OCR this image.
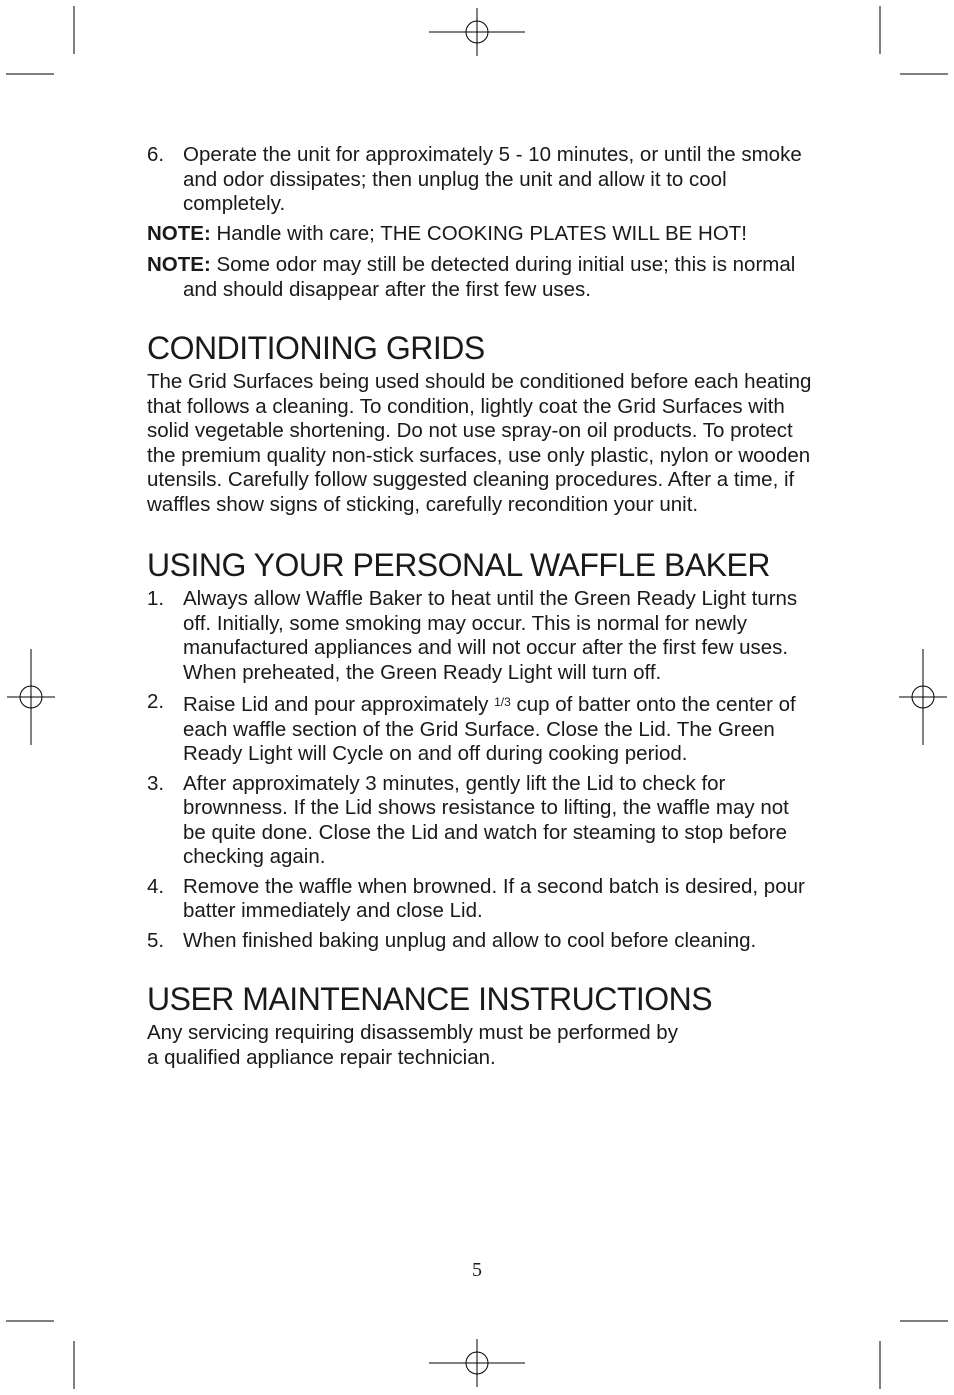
6. Operate the unit for approximately 5 - 10 minutes, or until the smoke and odor dissipates; then unplug the unit and allow it to cool completely.
NOTE: Handle with care; THE COOKING PLATES WILL BE HOT!
NOTE: Some odor may still be detected during initial use; this is normal and should disappear after the first few uses.
CONDITIONING GRIDS

The Grid Surfaces being used should be conditioned before each heating that follows a cleaning. To condition, lightly coat the Grid Surfaces with solid vegetable shortening. Do not use spray-on oil products. To protect the premium quality non-stick surfaces, use only plastic, nylon or wooden utensils. Carefully follow suggested cleaning procedures. After a time, if waffles show signs of sticking, carefully recondition your unit.

USING YOUR PERSONAL WAFFLE BAKER
1. Always allow Waffle Baker to heat until the Green Ready Light turns off. Initially, some smoking may occur. This is normal for newly manufactured appliances and will not occur after the first few uses. When preheated, the Green Ready Light will turn off.
2. Raise Lid and pour approximately $^{1/3}$ cup of batter onto the center of each waffle section of the Grid Surface. Close the Lid. The Green Ready Light will Cycle on and off during cooking period.
3. After approximately 3 minutes, gently lift the Lid to check for brownness. If the Lid shows resistance to lifting, the waffle may not be quite done. Close the Lid and watch for steaming to stop before checking again.
4. Remove the waffle when browned. If a second batch is desired, pour batter immediately and close Lid.
5. When finished baking unplug and allow to cool before cleaning.
USER MAINTENANCE INSTRUCTIONS

Any servicing requiring disassembly must be performed by
a qualified appliance repair technician.

5
